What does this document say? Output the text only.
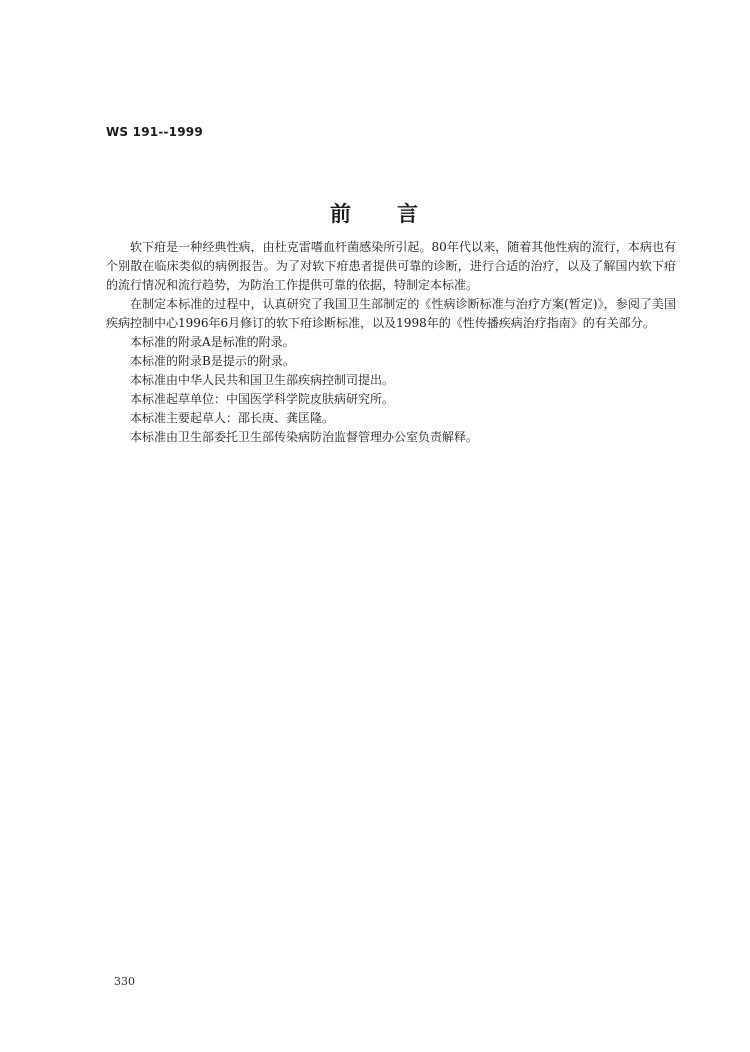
WS 191--1999
前 言

软下疳是一种经典性病，由杜克雷嗜血杆菌感染所引起。80年代以来，随着其他性病的流行，本病也有个别散在临床类似的病例报告。为了对软下疳患者提供可靠的诊断，进行合适的治疗，以及了解国内软下疳的流行情况和流行趋势，为防治工作提供可靠的依据，特制定本标准。

在制定本标准的过程中，认真研究了我国卫生部制定的《性病诊断标准与治疗方案(暂定)》，参阅了美国疾病控制中心1996年6月修订的软下疳诊断标准，以及1998年的《性传播疾病治疗指南》的有关部分。

本标准的附录A是标准的附录。

本标准的附录B是提示的附录。

本标准由中华人民共和国卫生部疾病控制司提出。

本标准起草单位：中国医学科学院皮肤病研究所。

本标准主要起草人：邵长庚、龚匡隆。

本标准由卫生部委托卫生部传染病防治监督管理办公室负责解释。

330
